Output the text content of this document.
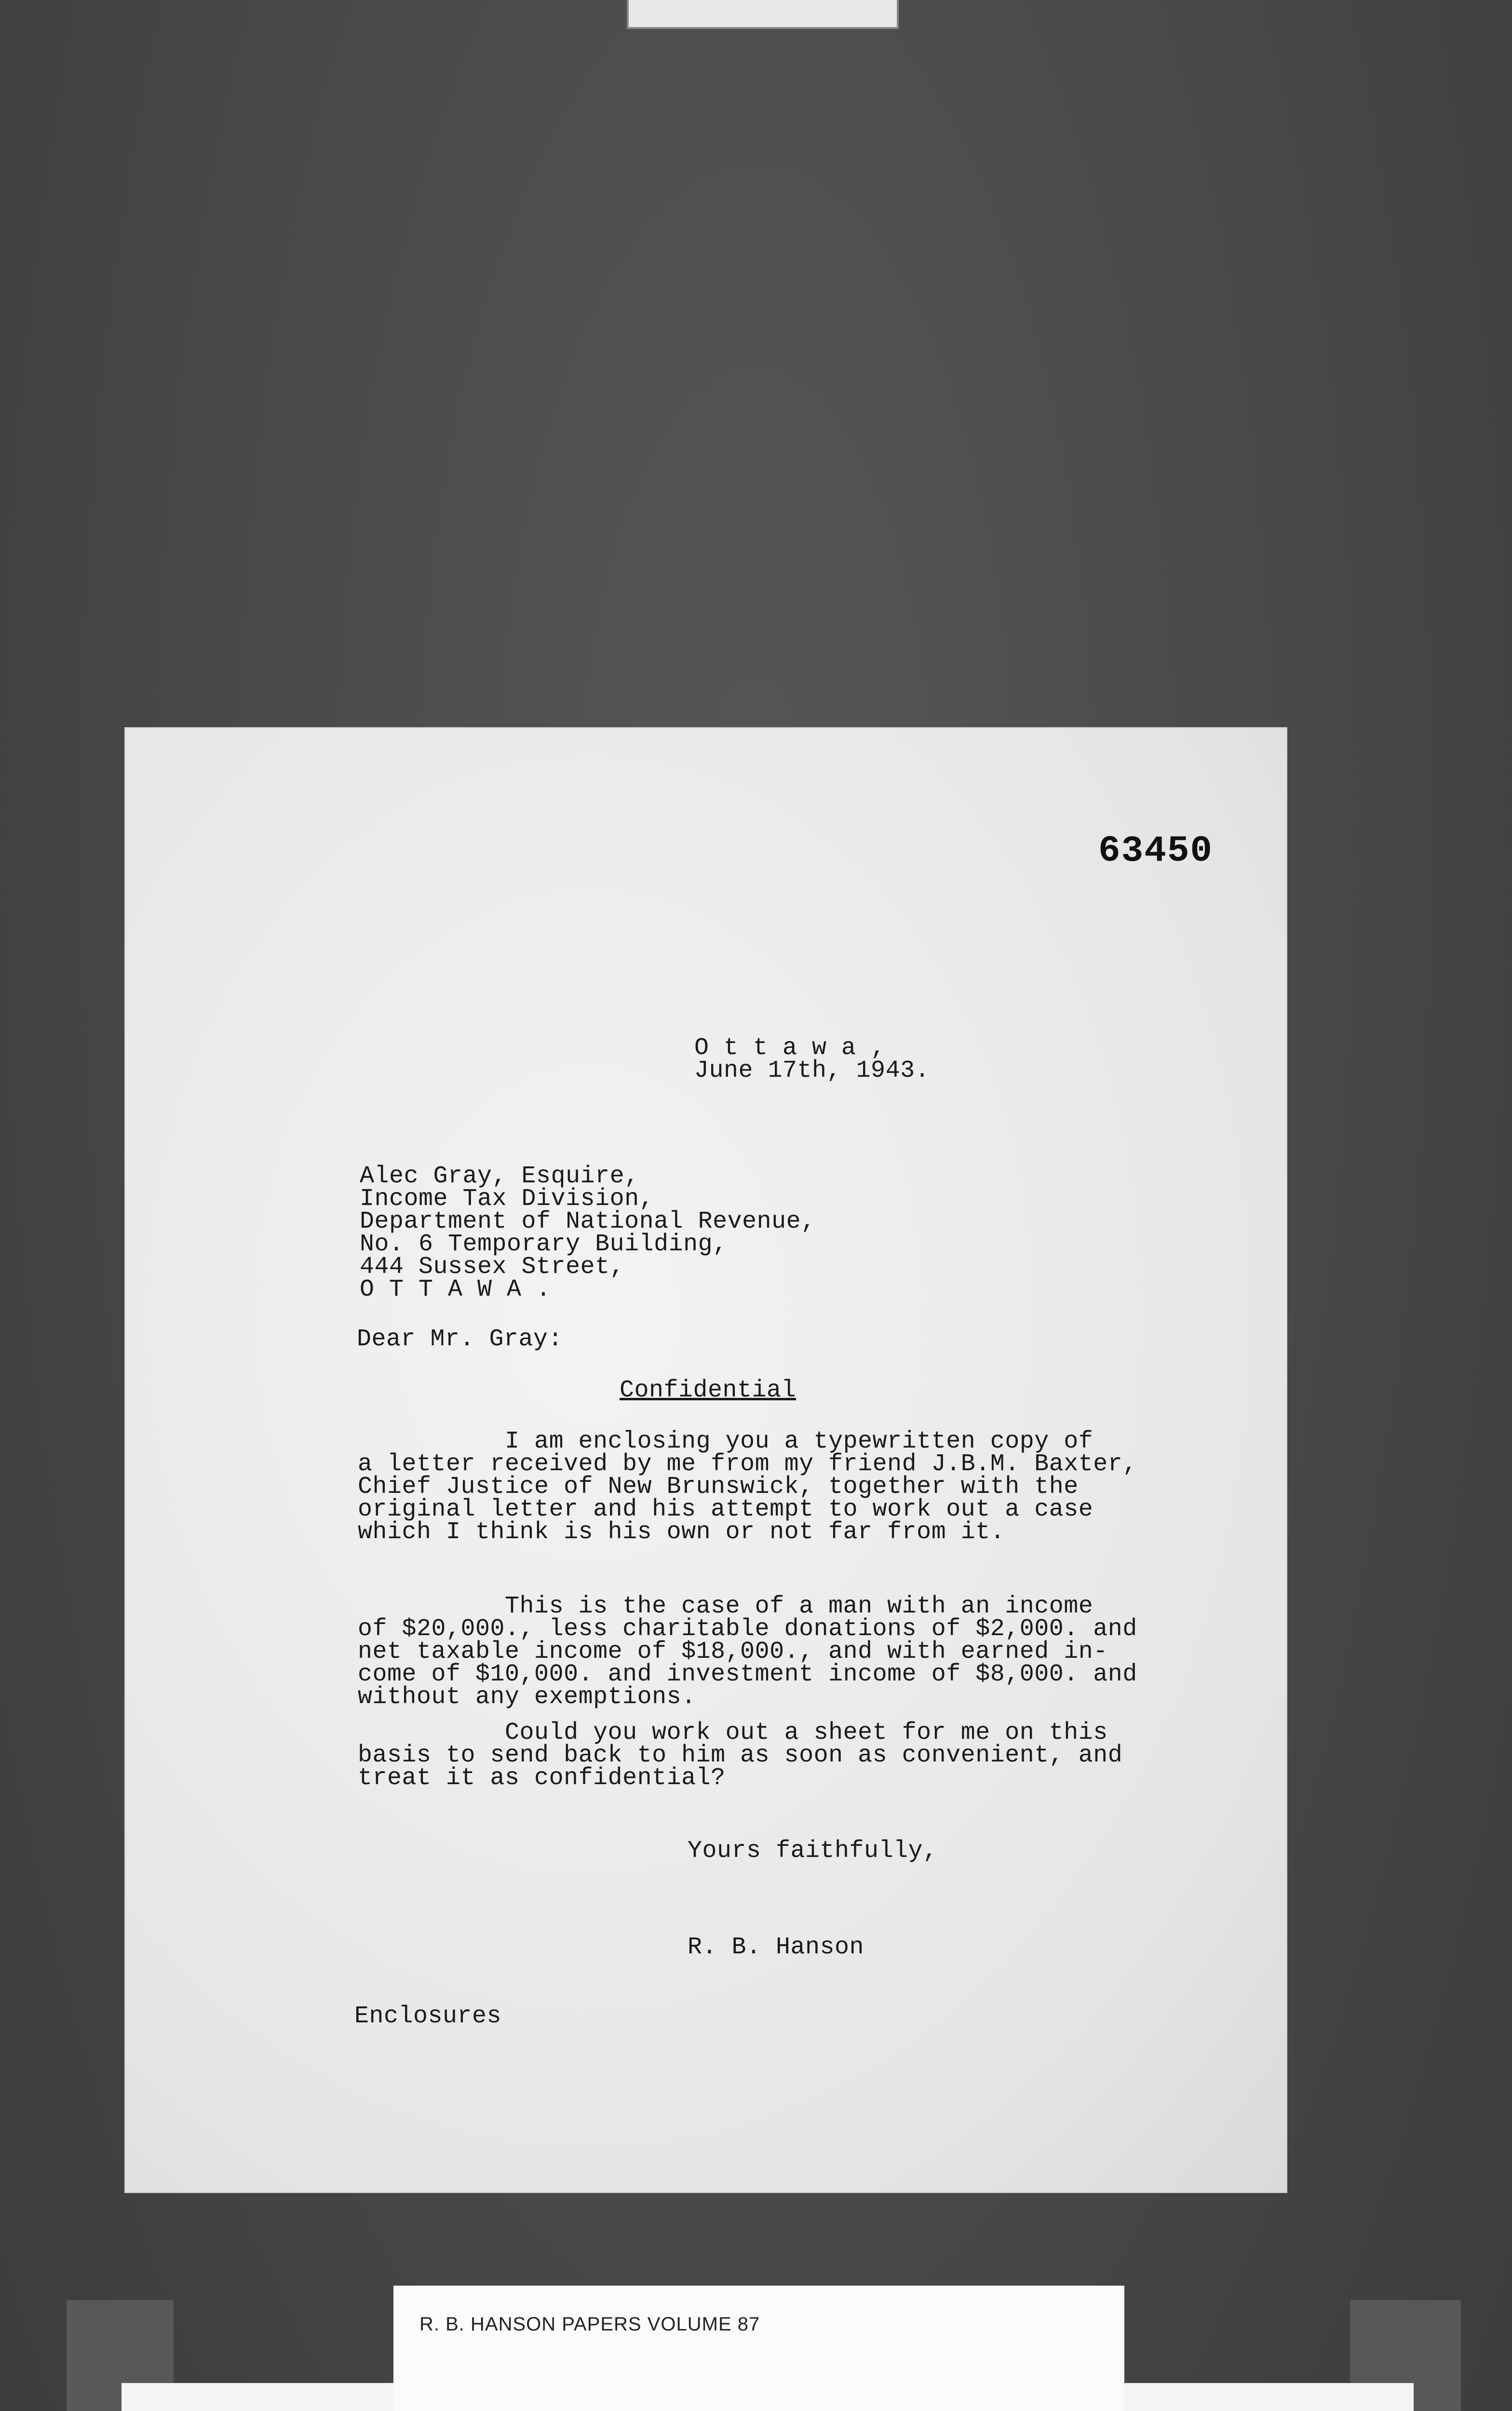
63450
O t t a w a ,
June 17th, 1943.
Alec Gray, Esquire,
Income Tax Division,
Department of National Revenue,
No. 6 Temporary Building,
444 Sussex Street,
O T T A W A .
Dear Mr. Gray:
Confidential
I am enclosing you a typewritten copy of
a letter received by me from my friend J.B.M. Baxter,
Chief Justice of New Brunswick, together with the
original letter and his attempt to work out a case
which I think is his own or not far from it.
This is the case of a man with an income
of $20,000., less charitable donations of $2,000. and
net taxable income of $18,000., and with earned in-
come of $10,000. and investment income of $8,000. and
without any exemptions.
Could you work out a sheet for me on this
basis to send back to him as soon as convenient, and
treat it as confidential?
Yours faithfully,
R. B. Hanson
Enclosures
R. B. HANSON PAPERS VOLUME 87
